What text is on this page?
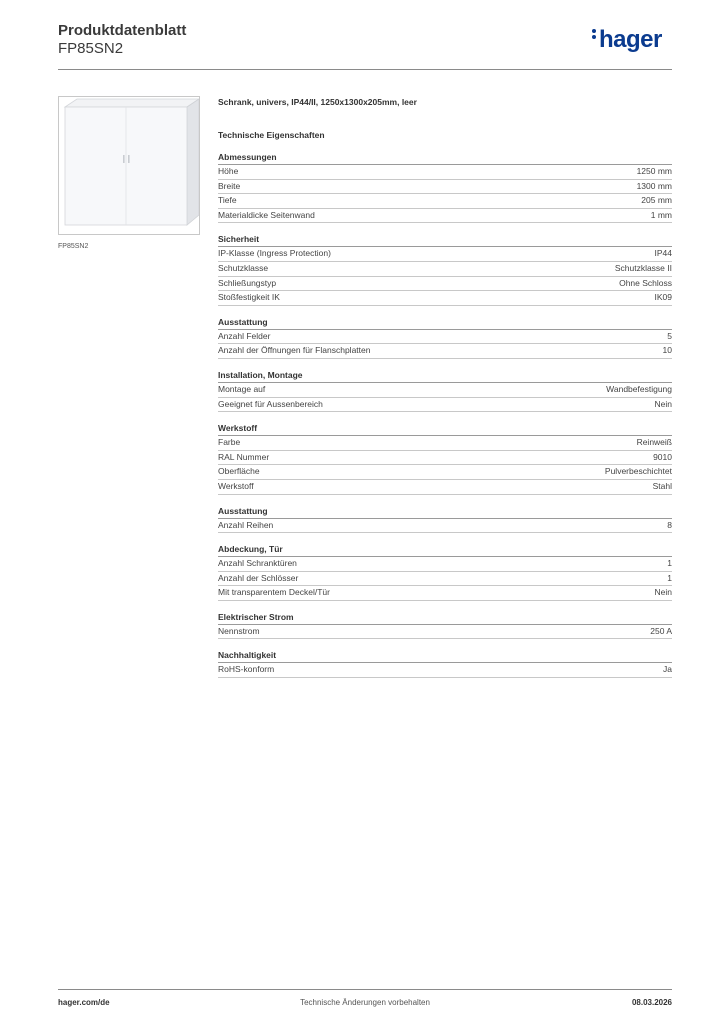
Produktdatenblatt
FP85SN2	hager
FP85SN2

Schrank, univers, IP44/II, 1250x1300x205mm, leer

Technische Eigenschaften
Abmessungen
Höhe	1250 mm
Breite	1300 mm
Tiefe	205 mm
Materialdicke Seitenwand	1 mm
Sicherheit
IP-Klasse (Ingress Protection)	IP44
Schutzklasse	Schutzklasse II
Schließungstyp	Ohne Schloss
Stoßfestigkeit IK	IK09
Ausstattung
Anzahl Felder	5
Anzahl der Öffnungen für Flanschplatten	10
Installation, Montage
Montage auf	Wandbefestigung
Geeignet für Aussenbereich	Nein
Werkstoff
Farbe	Reinweiß
RAL Nummer	9010
Oberfläche	Pulverbeschichtet
Werkstoff	Stahl
Ausstattung
Anzahl Reihen	8
Abdeckung, Tür
Anzahl Schranktüren	1
Anzahl der Schlösser	1
Mit transparentem Deckel/Tür	Nein
Elektrischer Strom
Nennstrom	250 A
Nachhaltigkeit
RoHS-konform	Ja
hager.com/de	Technische Änderungen vorbehalten	08.03.2026
